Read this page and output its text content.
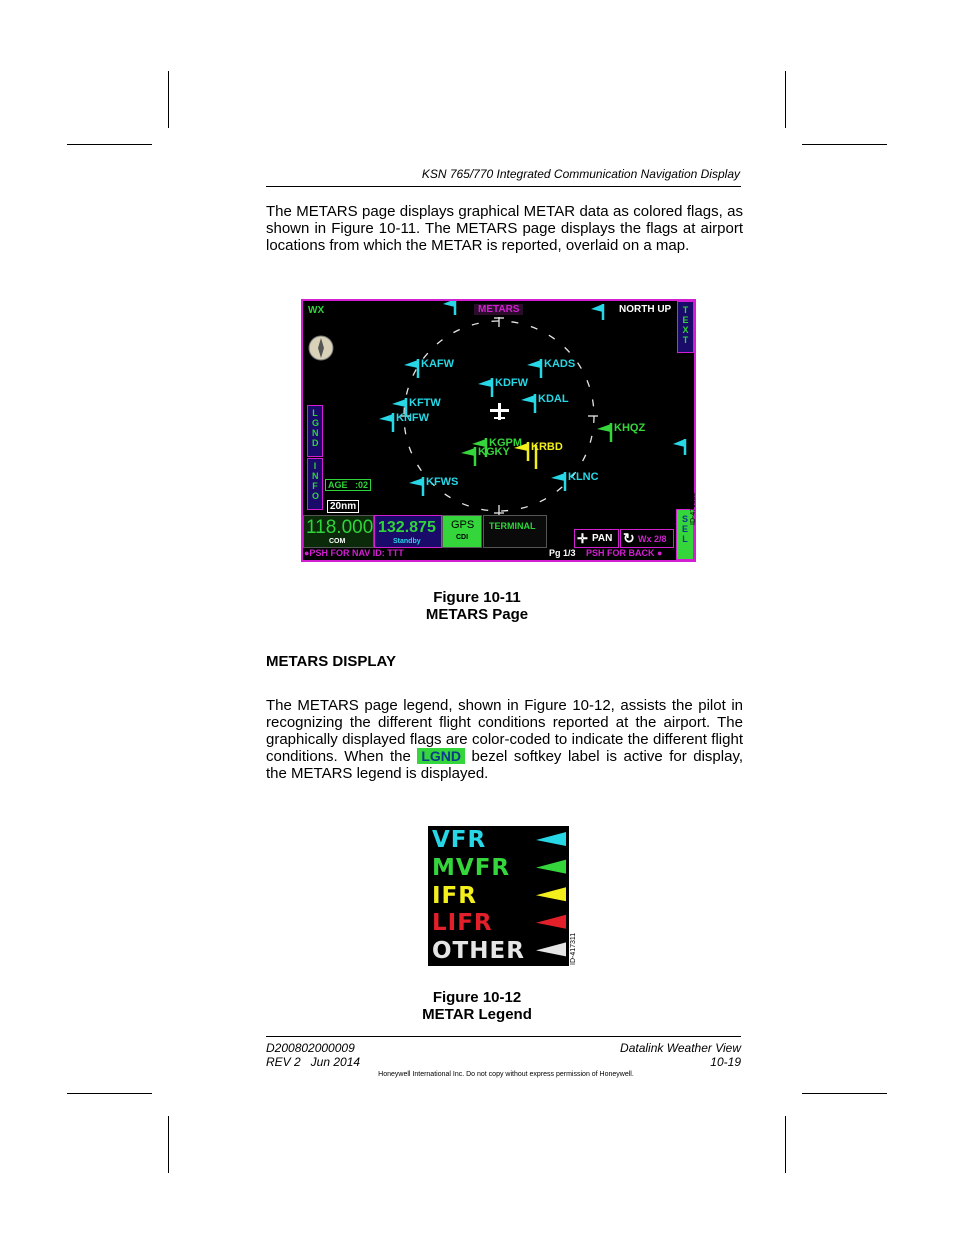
KSN 765/770 Integrated Communication Navigation Display
The METARS page displays graphical METAR data as colored flags, as shown in Figure 10-11. The METARS page displays the flags at airport locations from which the METAR is reported, overlaid on a map.
WX	METARS	NORTH UP	TEXT
LGND
INFO
SEL
AGE :02
20nm
118.000
COM
132.875
Standby
GPS
CDI
TERMINAL
✛ PAN ↻ Wx 2/8
●PSH FOR NAV ID: TTT	Pg 1/3 PSH FOR BACK ●
KAFW	KADS
KDFW
KDAL
KFTW
KNFW
KHQZ
KGPM
KGKY KRBD
KFWS	KLNC
ID-479529
Figure 10-11
METARS Page
METARS DISPLAY
The METARS page legend, shown in Figure 10-12, assists the pilot in recognizing the different flight conditions reported at the airport. The graphically displayed flags are color-coded to indicate the different flight conditions. When the LGND bezel softkey label is active for display, the METARS legend is displayed.
VFR
MVFR
IFR
LIFR
OTHER	ID-417311
Figure 10-12
METAR Legend
D200802000009
REV 2   Jun 2014
Datalink Weather View
10-19
Honeywell International Inc. Do not copy without express permission of Honeywell.
